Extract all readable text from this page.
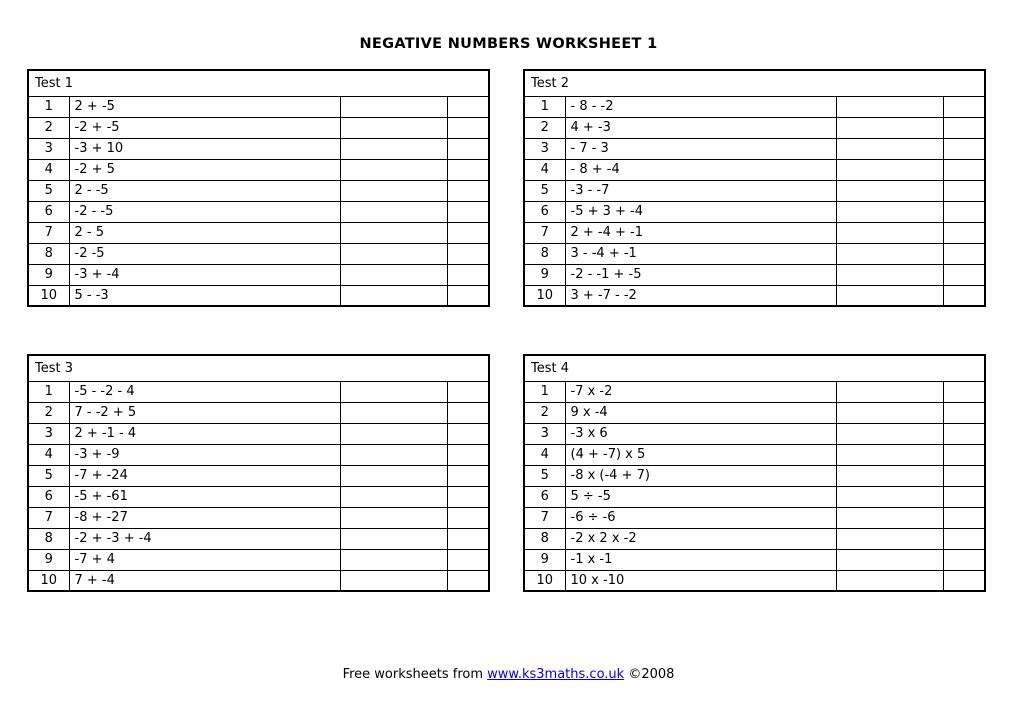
NEGATIVE NUMBERS WORKSHEET 1
Test 1			
1	2 + -5		
2	-2 + -5		
3	-3 + 10		
4	-2 + 5		
5	2 - -5		
6	-2 - -5		
7	2 - 5		
8	-2 -5		
9	-3 + -4		
10	5 - -3		
Test 2			
1	- 8 - -2		
2	4 + -3		
3	- 7 - 3		
4	- 8 + -4		
5	-3 - -7		
6	-5 + 3 + -4		
7	2 + -4 + -1		
8	3 - -4 + -1		
9	-2 - -1 + -5		
10	3 + -7 - -2		
Test 3			
1	-5 - -2 - 4		
2	7 - -2 + 5		
3	2 + -1 - 4		
4	-3 + -9		
5	-7 + -24		
6	-5 + -61		
7	-8 + -27		
8	-2 + -3 + -4		
9	-7 + 4		
10	7 + -4		
Test 4			
1	-7 x -2		
2	9 x -4		
3	-3 x 6		
4	(4 + -7) x 5		
5	-8 x (-4 + 7)		
6	5 ÷ -5		
7	-6 ÷ -6		
8	-2 x 2 x -2		
9	-1 x -1		
10	10 x -10		
Free worksheets from www.ks3maths.co.uk ©2008
